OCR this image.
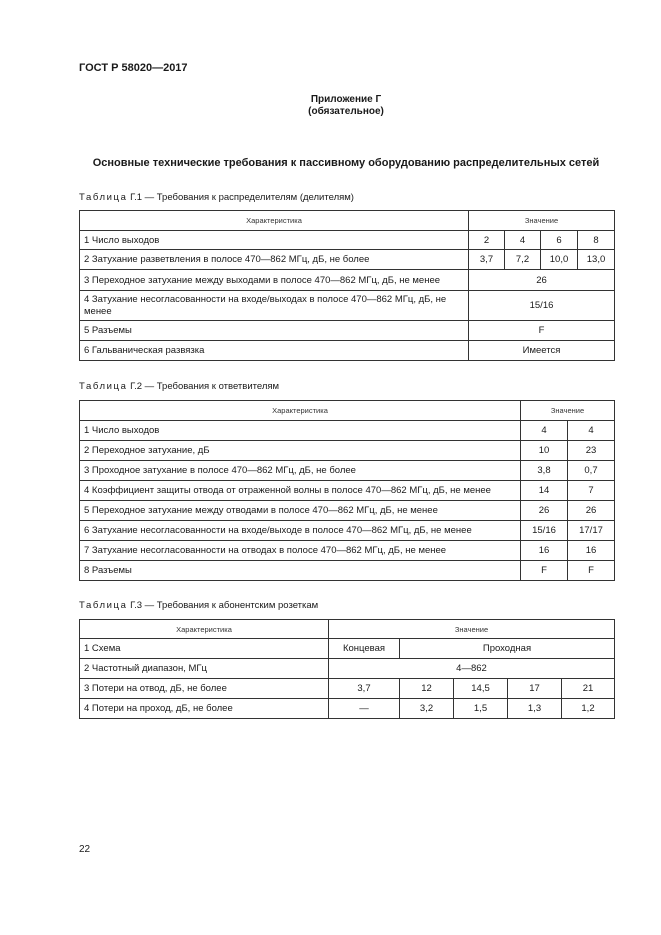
ГОСТ Р 58020—2017
Приложение Г
(обязательное)
Основные технические требования к пассивному оборудованию распределительных сетей
Таблица Г.1 — Требования к распределителям (делителям)
Характеристика	Значение			
1 Число выходов	2	4	6	8
2 Затухание разветвления в полосе 470—862 МГц, дБ, не более	3,7	7,2	10,0	13,0
3 Переходное затухание между выходами в полосе 470—862 МГц, дБ, не менее	26			
4 Затухание несогласованности на входе/выходах в полосе 470—862 МГц, дБ, не менее	15/16			
5 Разъемы	F			
6 Гальваническая развязка	Имеется			
Таблица Г.2 — Требования к ответвителям
Характеристика	Значение	
1 Число выходов	4	4
2 Переходное затухание, дБ	10	23
3 Проходное затухание в полосе 470—862 МГц, дБ, не более	3,8	0,7
4 Коэффициент защиты отвода от отраженной волны в полосе 470—862 МГц, дБ, не менее	14	7
5 Переходное затухание между отводами в полосе 470—862 МГц, дБ, не менее	26	26
6 Затухание несогласованности на входе/выходе в полосе 470—862 МГц, дБ, не менее	15/16	17/17
7 Затухание несогласованности на отводах в полосе 470—862 МГц, дБ, не менее	16	16
8 Разъемы	F	F
Таблица Г.3 — Требования к абонентским розеткам
Характеристика	Значение				
1 Схема	Концевая	Проходная			
2 Частотный диапазон, МГц	4—862				
3 Потери на отвод, дБ, не более	3,7	12	14,5	17	21
4 Потери на проход, дБ, не более	—	3,2	1,5	1,3	1,2
22
